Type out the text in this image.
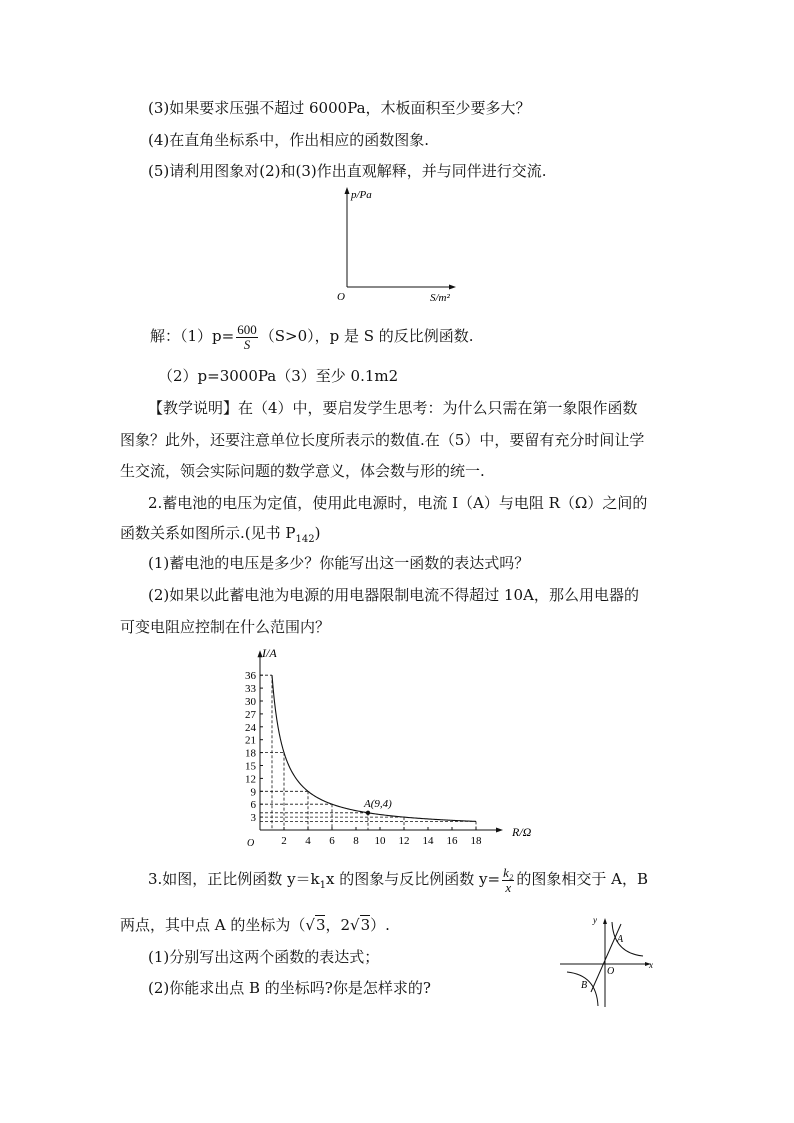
(3)如果要求压强不超过 6000Pa，木板面积至少要多大？
(4)在直角坐标系中，作出相应的函数图象.
(5)请利用图象对(2)和(3)作出直观解释，并与同伴进行交流.
p/Pa
O	S/m²
解：$(1)p= \frac{600}{S} (S>0)$，p 是 S 的反比例函数.
（2）p=3000Pa（3）至少 0.1m2
【教学说明】在（4）中，要启发学生思考：为什么只需在第一象限作函数
图象？此外，还要注意单位长度所表示的数值.在（5）中，要留有充分时间让学
生交流，领会实际问题的数学意义，体会数与形的统一.
2.蓄电池的电压为定值，使用此电源时，电流 I（A）与电阻 R（Ω）之间的
函数关系如图所示.(见书 $P_{142}$)
(1)蓄电池的电压是多少？你能写出这一函数的表达式吗？
(2)如果以此蓄电池为电源的用电器限制电流不得超过 10A，那么用电器的
可变电阻应控制在什么范围内？
2 4 6 8 10 12 14 16 18
3
6
9
12
15
18
21
24
27
30
33
36
A(9,4)
I/A
R/Ω
O
3.如图，正比例函数 $y=k_1x$ 的图象与反比例函数 $y= \frac{\text{k₂}}{x}$ 的图象相交于 A，B
两点，其中点 A 的坐标为（√3，2√3）.
(1)分别写出这两个函数的表达式；
(2)你能求出点 B 的坐标吗?你是怎样求的?
y
x
O
A
B
